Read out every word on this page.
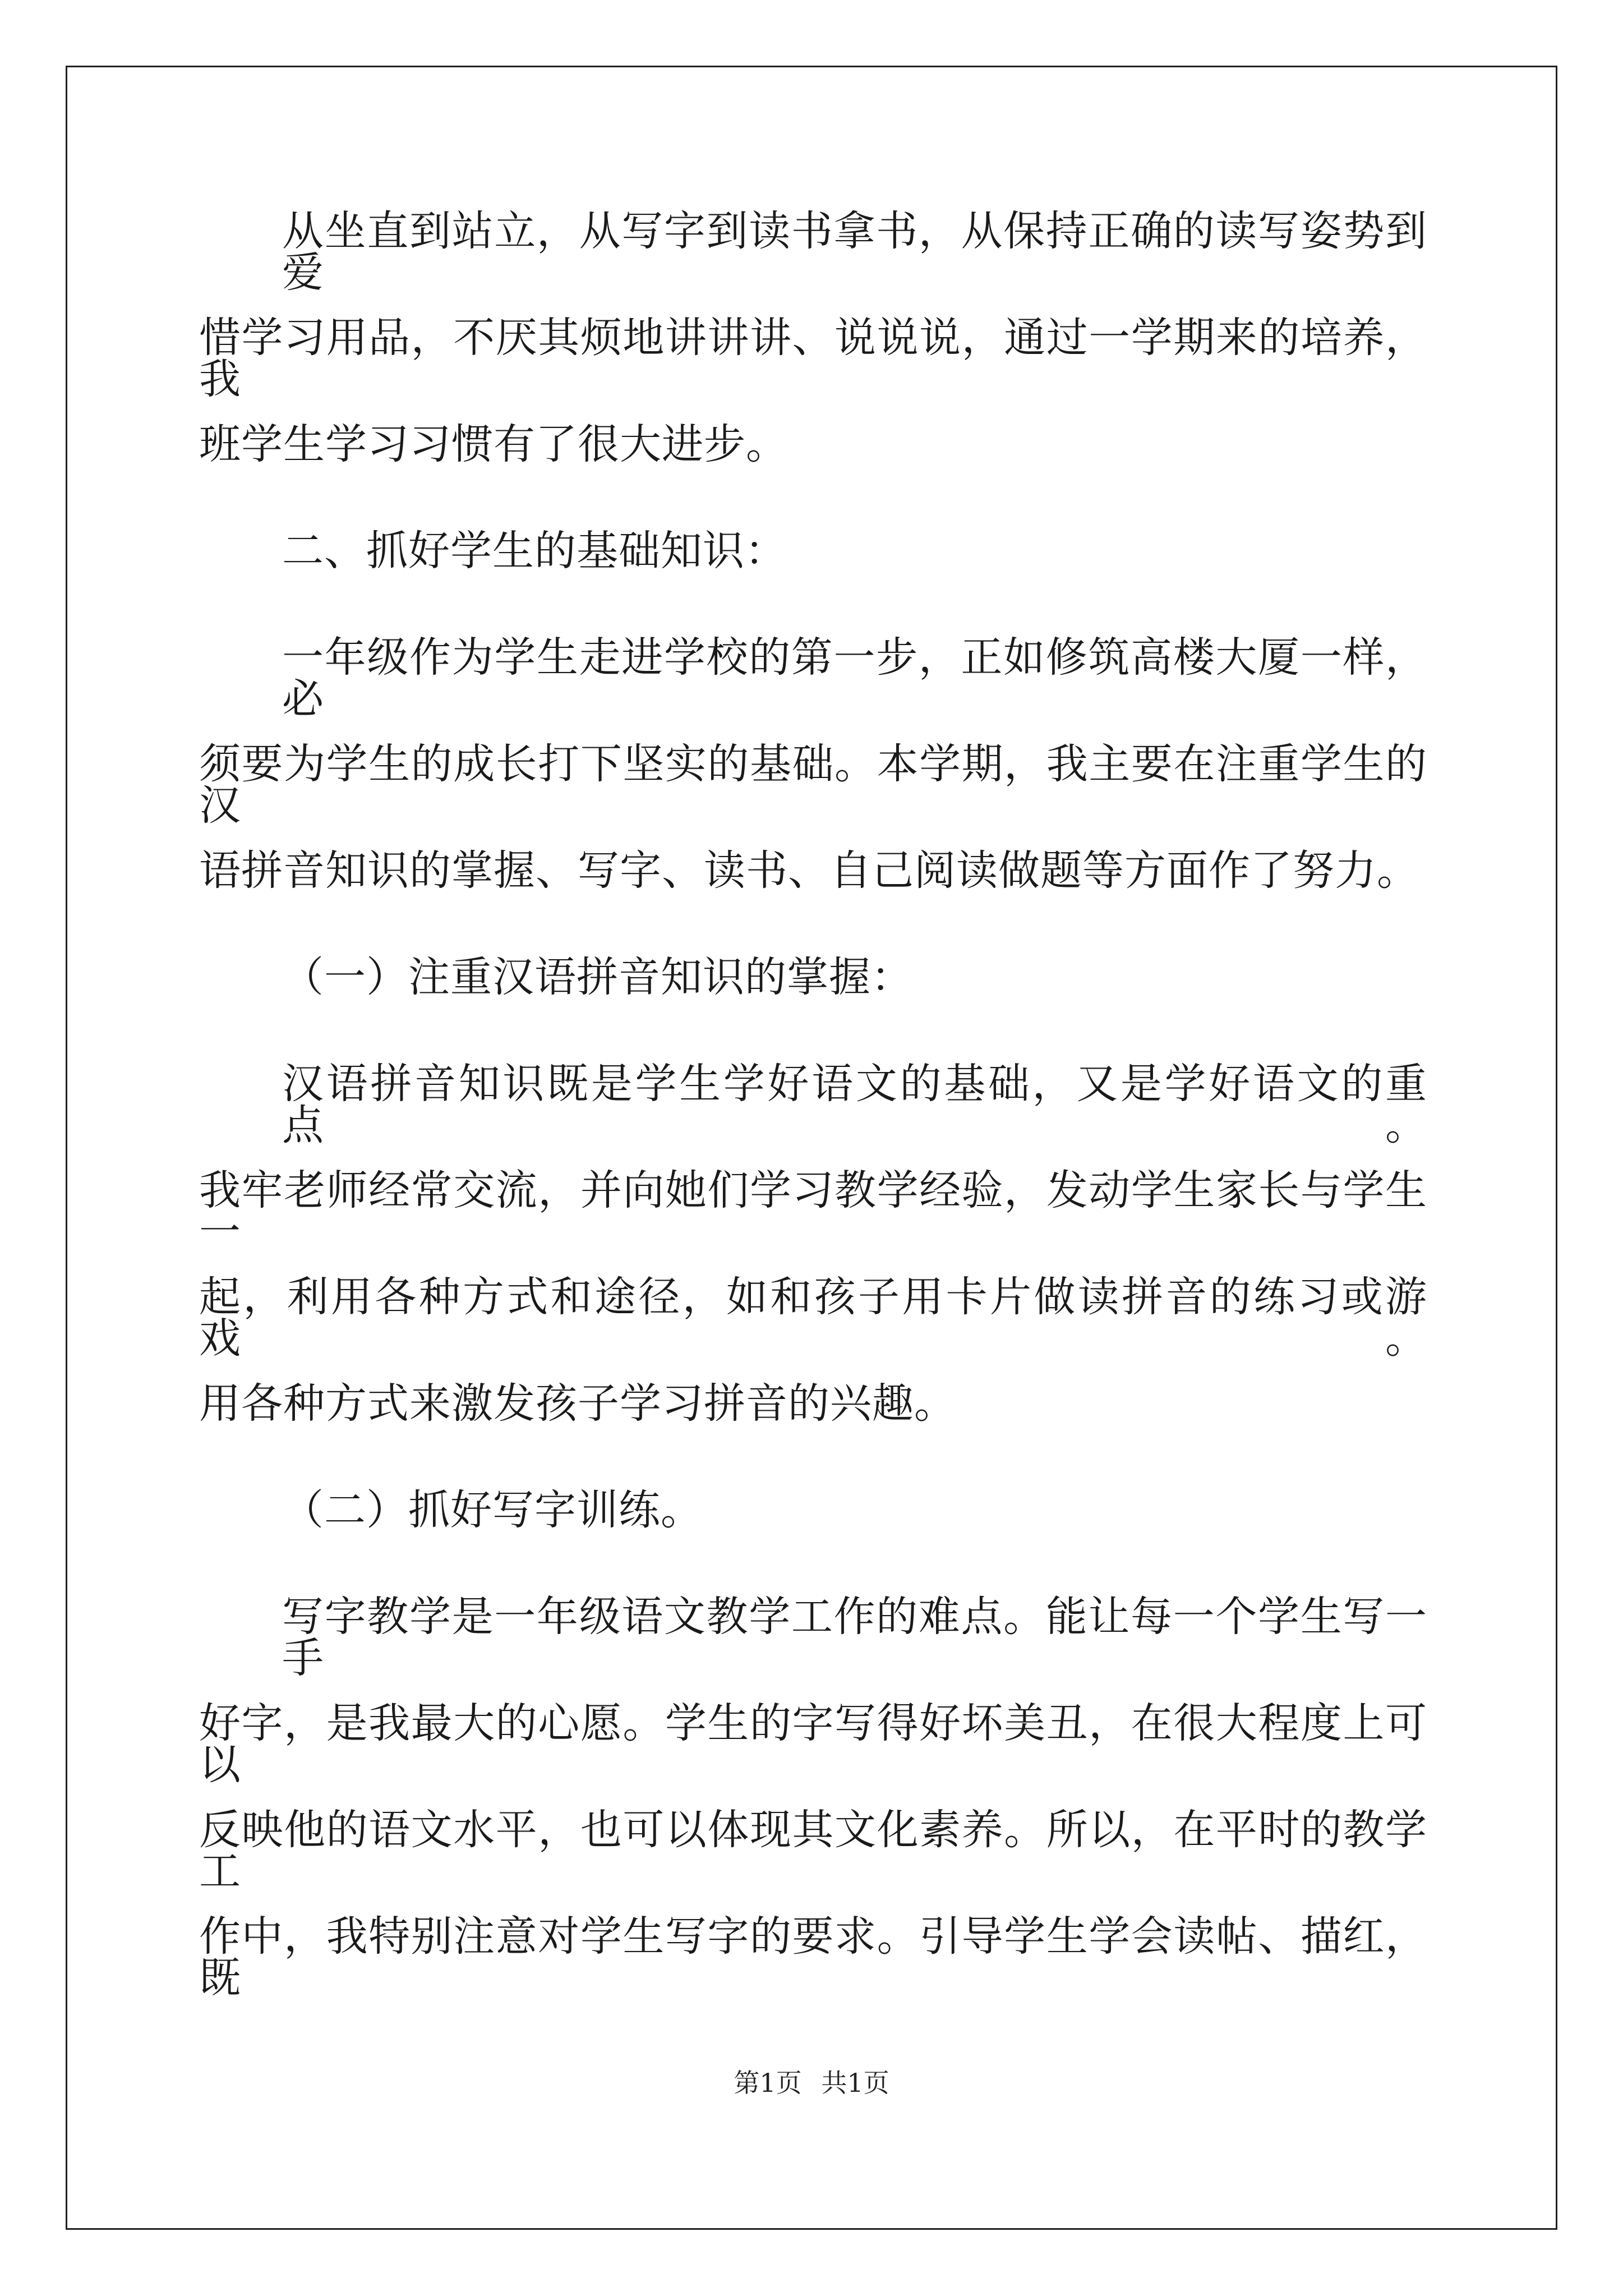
从坐直到站立，从写字到读书拿书，从保持正确的读写姿势到爱
惜学习用品，不厌其烦地讲讲讲、说说说，通过一学期来的培养，我
班学生学习习惯有了很大进步。
二、抓好学生的基础知识：
一年级作为学生走进学校的第一步，正如修筑高楼大厦一样，必
须要为学生的成长打下坚实的基础。本学期，我主要在注重学生的汉
语拼音知识的掌握、写字、读书、自己阅读做题等方面作了努力。
（一）注重汉语拼音知识的掌握：
汉语拼音知识既是学生学好语文的基础，又是学好语文的重点。
我牢老师经常交流，并向她们学习教学经验，发动学生家长与学生一
起，利用各种方式和途径，如和孩子用卡片做读拼音的练习或游戏。
用各种方式来激发孩子学习拼音的兴趣。
（二）抓好写字训练。
写字教学是一年级语文教学工作的难点。能让每一个学生写一手
好字，是我最大的心愿。学生的字写得好坏美丑，在很大程度上可以
反映他的语文水平，也可以体现其文化素养。所以，在平时的教学工
作中，我特别注意对学生写字的要求。引导学生学会读帖、描红，既
第1页 共1页
